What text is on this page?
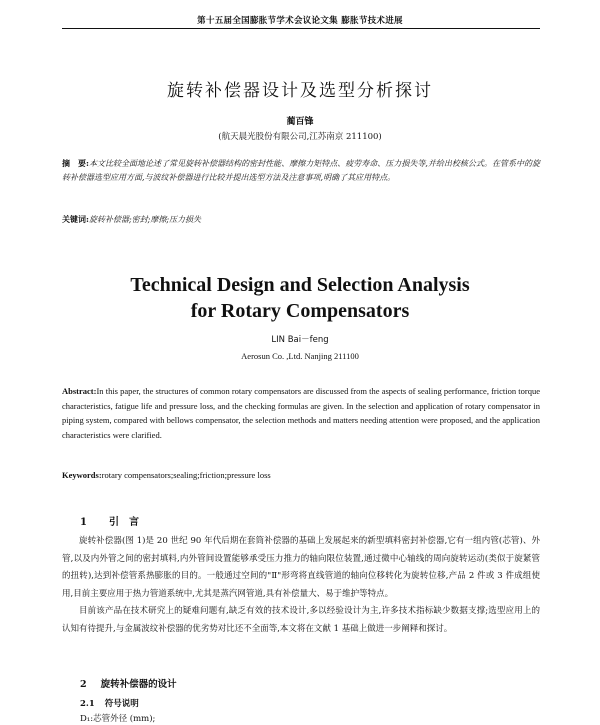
第十五届全国膨胀节学术会议论文集 膨胀节技术进展
旋转补偿器设计及选型分析探讨
蔺百锋
(航天晨光股份有限公司,江苏南京 211100)
摘　要:本文比较全面地论述了常见旋转补偿器结构的密封性能、摩擦力矩特点、疲劳寿命、压力损失等,并给出校核公式。在管系中的旋转补偿器选型应用方面,与波纹补偿器进行比较并提出选型方法及注意事项,明确了其应用特点。
关键词:旋转补偿器;密封;摩擦;压力损失
Technical Design and Selection Analysis
for Rotary Compensators
LIN Bai－feng
Aerosun Co. ,Ltd. Nanjing 211100
Abstract:In this paper, the structures of common rotary compensators are discussed from the aspects of sealing performance, friction torque characteristics, fatigue life and pressure loss, and the checking formulas are given. In the selection and application of rotary compensator in piping system, compared with bellows compensator, the selection methods and matters needing attention were proposed, and the application characteristics were clarified.
Keywords:rotary compensators;sealing;friction;pressure loss
1 引　言

旋转补偿器(图 1)是 20 世纪 90 年代后期在套筒补偿器的基础上发展起来的新型填料密封补偿器,它有一组内管(芯管)、外管,以及内外管之间的密封填料,内外管间设置能够承受压力推力的轴向限位装置,通过微中心轴线的周向旋转运动(类似于旋紧管的扭转),达到补偿管系热膨胀的目的。一般通过空间的"Ⅱ"形弯将直线管道的轴向位移转化为旋转位移,产品 2 件或 3 件成组使用,目前主要应用于热力管道系统中,尤其是蒸汽网管道,具有补偿量大、易于维护等特点。

目前该产品在技术研究上的疑难问题有,缺乏有效的技术设计,多以经验设计为主,许多技术指标缺少数据支撑;选型应用上的认知有待提升,与金属波纹补偿器的优劣势对比还不全面等,本文将在文献 1 基础上做进一步阐释和探讨。

2 旋转补偿器的设计
2.1 符号说明
D₁:芯管外径 (mm);
